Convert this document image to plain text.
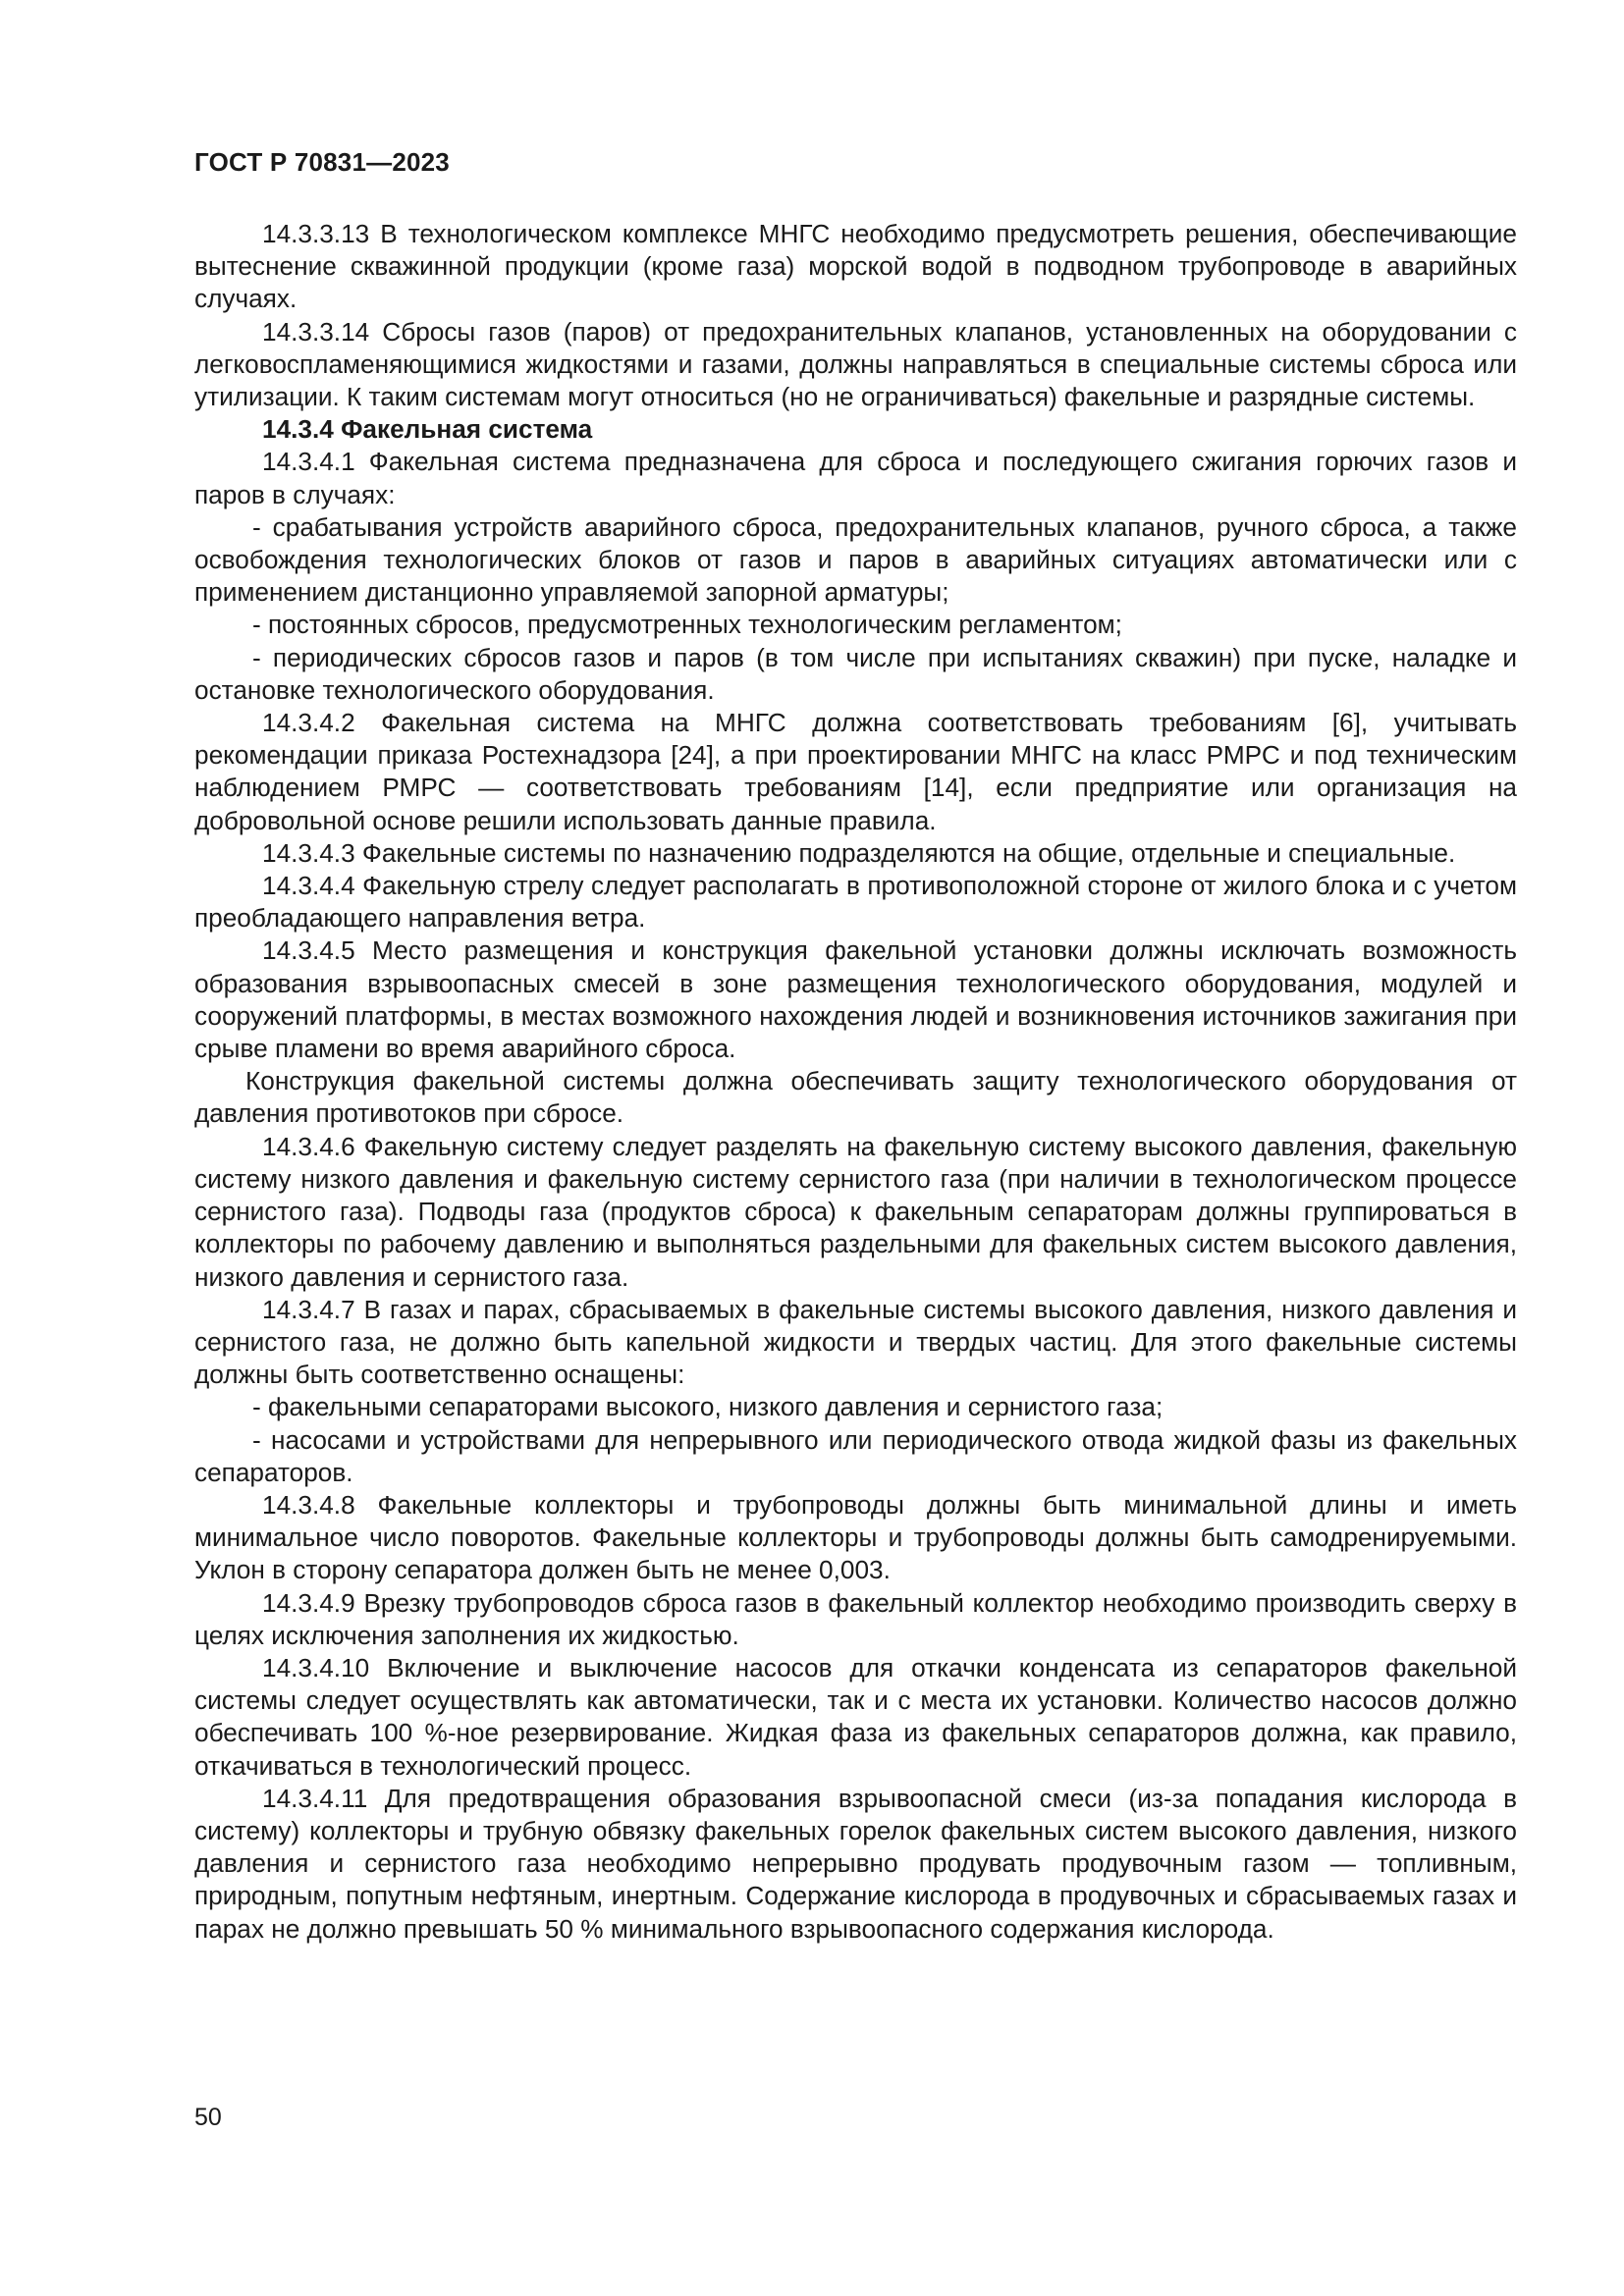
ГОСТ Р 70831—2023

14.3.3.13 В технологическом комплексе МНГС необходимо предусмотреть решения, обеспечивающие вытеснение скважинной продукции (кроме газа) морской водой в подводном трубопроводе в аварийных случаях.

14.3.3.14 Сбросы газов (паров) от предохранительных клапанов, установленных на оборудовании с легковоспламеняющимися жидкостями и газами, должны направляться в специальные системы сброса или утилизации. К таким системам могут относиться (но не ограничиваться) факельные и разрядные системы.

14.3.4 Факельная система

14.3.4.1 Факельная система предназначена для сброса и последующего сжигания горючих газов и паров в случаях:

- срабатывания устройств аварийного сброса, предохранительных клапанов, ручного сброса, а также освобождения технологических блоков от газов и паров в аварийных ситуациях автоматически или с применением дистанционно управляемой запорной арматуры;

- постоянных сбросов, предусмотренных технологическим регламентом;

- периодических сбросов газов и паров (в том числе при испытаниях скважин) при пуске, наладке и остановке технологического оборудования.

14.3.4.2 Факельная система на МНГС должна соответствовать требованиям [6], учитывать рекомендации приказа Ростехнадзора [24], а при проектировании МНГС на класс РМРС и под техническим наблюдением РМРС — соответствовать требованиям [14], если предприятие или организация на добровольной основе решили использовать данные правила.

14.3.4.3 Факельные системы по назначению подразделяются на общие, отдельные и специальные.

14.3.4.4 Факельную стрелу следует располагать в противоположной стороне от жилого блока и с учетом преобладающего направления ветра.

14.3.4.5 Место размещения и конструкция факельной установки должны исключать возможность образования взрывоопасных смесей в зоне размещения технологического оборудования, модулей и сооружений платформы, в местах возможного нахождения людей и возникновения источников зажигания при срыве пламени во время аварийного сброса.

Конструкция факельной системы должна обеспечивать защиту технологического оборудования от давления противотоков при сбросе.

14.3.4.6 Факельную систему следует разделять на факельную систему высокого давления, факельную систему низкого давления и факельную систему сернистого газа (при наличии в технологическом процессе сернистого газа). Подводы газа (продуктов сброса) к факельным сепараторам должны группироваться в коллекторы по рабочему давлению и выполняться раздельными для факельных систем высокого давления, низкого давления и сернистого газа.

14.3.4.7 В газах и парах, сбрасываемых в факельные системы высокого давления, низкого давления и сернистого газа, не должно быть капельной жидкости и твердых частиц. Для этого факельные системы должны быть соответственно оснащены:

- факельными сепараторами высокого, низкого давления и сернистого газа;

- насосами и устройствами для непрерывного или периодического отвода жидкой фазы из факельных сепараторов.

14.3.4.8 Факельные коллекторы и трубопроводы должны быть минимальной длины и иметь минимальное число поворотов. Факельные коллекторы и трубопроводы должны быть самодренируемыми. Уклон в сторону сепаратора должен быть не менее 0,003.

14.3.4.9 Врезку трубопроводов сброса газов в факельный коллектор необходимо производить сверху в целях исключения заполнения их жидкостью.

14.3.4.10 Включение и выключение насосов для откачки конденсата из сепараторов факельной системы следует осуществлять как автоматически, так и с места их установки. Количество насосов должно обеспечивать 100 %-ное резервирование. Жидкая фаза из факельных сепараторов должна, как правило, откачиваться в технологический процесс.

14.3.4.11 Для предотвращения образования взрывоопасной смеси (из-за попадания кислорода в систему) коллекторы и трубную обвязку факельных горелок факельных систем высокого давления, низкого давления и сернистого газа необходимо непрерывно продувать продувочным газом — топливным, природным, попутным нефтяным, инертным. Содержание кислорода в продувочных и сбрасываемых газах и парах не должно превышать 50 % минимального взрывоопасного содержания кислорода.

50
